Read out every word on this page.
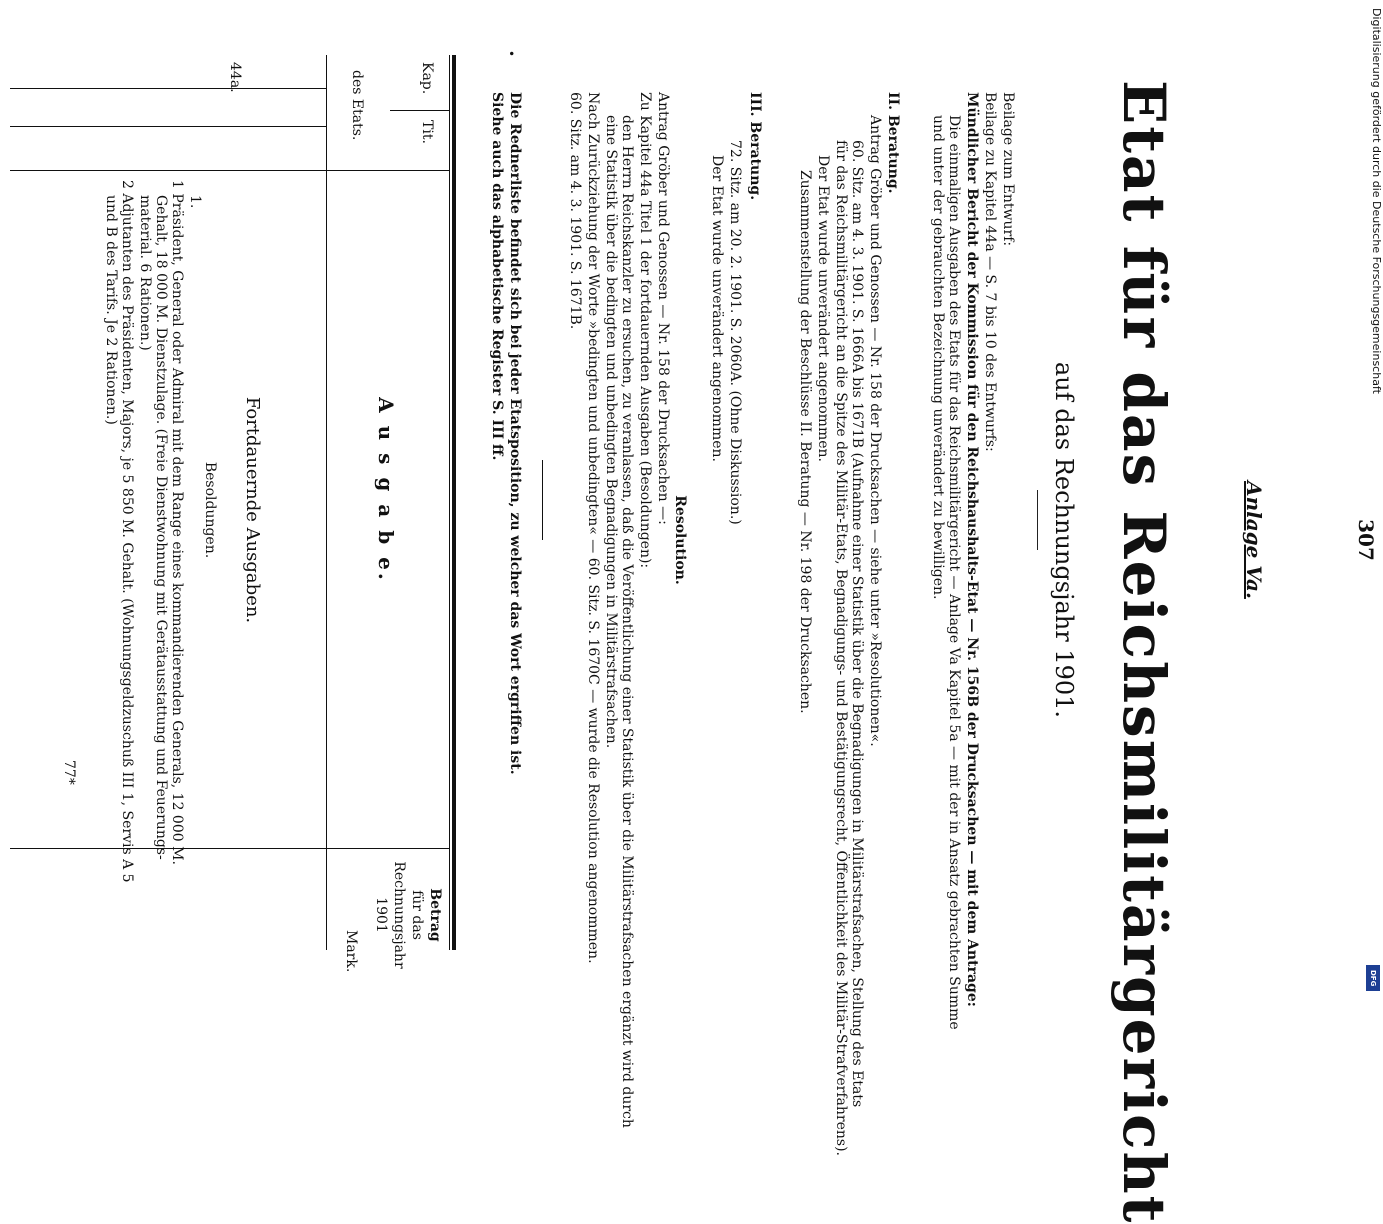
307
Anlage Va.
Etat für das Reichsmilitärgericht
auf das Rechnungsjahr 1901.
Beilage zum Entwurf:
Beilage zu Kapitel 44a — S. 7 bis 10 des Entwurfs:
Mündlicher Bericht der Kommission für den Reichshaushalts-Etat — Nr. 156B der Drucksachen — mit dem Antrage:
Die einmaligen Ausgaben des Etats für das Reichsmilitärgericht — Anlage Va Kapitel 5a — mit der in Ansatz gebrachten Summe
und unter der gebrauchten Bezeichnung unverändert zu bewilligen.
II. Beratung.
Antrag Gröber und Genossen — Nr. 158 der Drucksachen — siehe unter »Resolutionen«.
60. Sitz. am 4. 3. 1901. S. 1666A bis 1671B (Aufnahme einer Statistik über die Begnadigungen in Militärstrafsachen, Stellung des Etats
für das Reichsmilitärgericht an die Spitze des Militär-Etats, Begnadigungs- und Bestätigungsrecht, Öffentlichkeit des Militär-Strafverfahrens).
Der Etat wurde unverändert angenommen.
Zusammenstellung der Beschlüsse II. Beratung — Nr. 198 der Drucksachen.
III. Beratung.
72. Sitz. am 20. 2. 1901. S. 2060A. (Ohne Diskussion.)
Der Etat wurde unverändert angenommen.
Resolution.
Antrag Gröber und Genossen — Nr. 158 der Drucksachen —:
Zu Kapitel 44a Titel 1 der fortdauernden Ausgaben (Besoldungen):
den Herrn Reichskanzler zu ersuchen, zu veranlassen, daß die Veröffentlichung einer Statistik über die Militärstrafsachen ergänzt wird durch
eine Statistik über die bedingten und unbedingten Begnadigungen in Militärstrafsachen.
Nach Zurückziehung der Worte »bedingten und unbedingten« — 60. Sitz. S. 1670C — wurde die Resolution angenommen.
60. Sitz. am 4. 3. 1901. S. 1671B.
Die Rednerliste befindet sich bei jeder Etatsposition, zu welcher das Wort ergriffen ist.
Siehe auch das alphabetische Register S. III ff.
•
Kap.
Tit.
des Etats.
A u s g a b e.
Betrag
für das
Rechnungsjahr
1901
Mark.
44a.
1.
Fortdauernde Ausgaben.
Besoldungen.
1 Präsident, General oder Admiral mit dem Range eines kommandierenden Generals, 12 000 M.
Gehalt, 18 000 M. Dienstzulage. (Freie Dienstwohnung mit Gerätausstattung und Feuerungs-
material. 6 Rationen.)
2 Adjutanten des Präsidenten, Majors, je 5 850 M. Gehalt. (Wohnungsgeldzuschuß III 1, Servis A 5
und B des Tarifs. Je 2 Rationen.)
77*
Digitalisierung gefördert durch die Deutsche Forschungsgemeinschaft
DFG
